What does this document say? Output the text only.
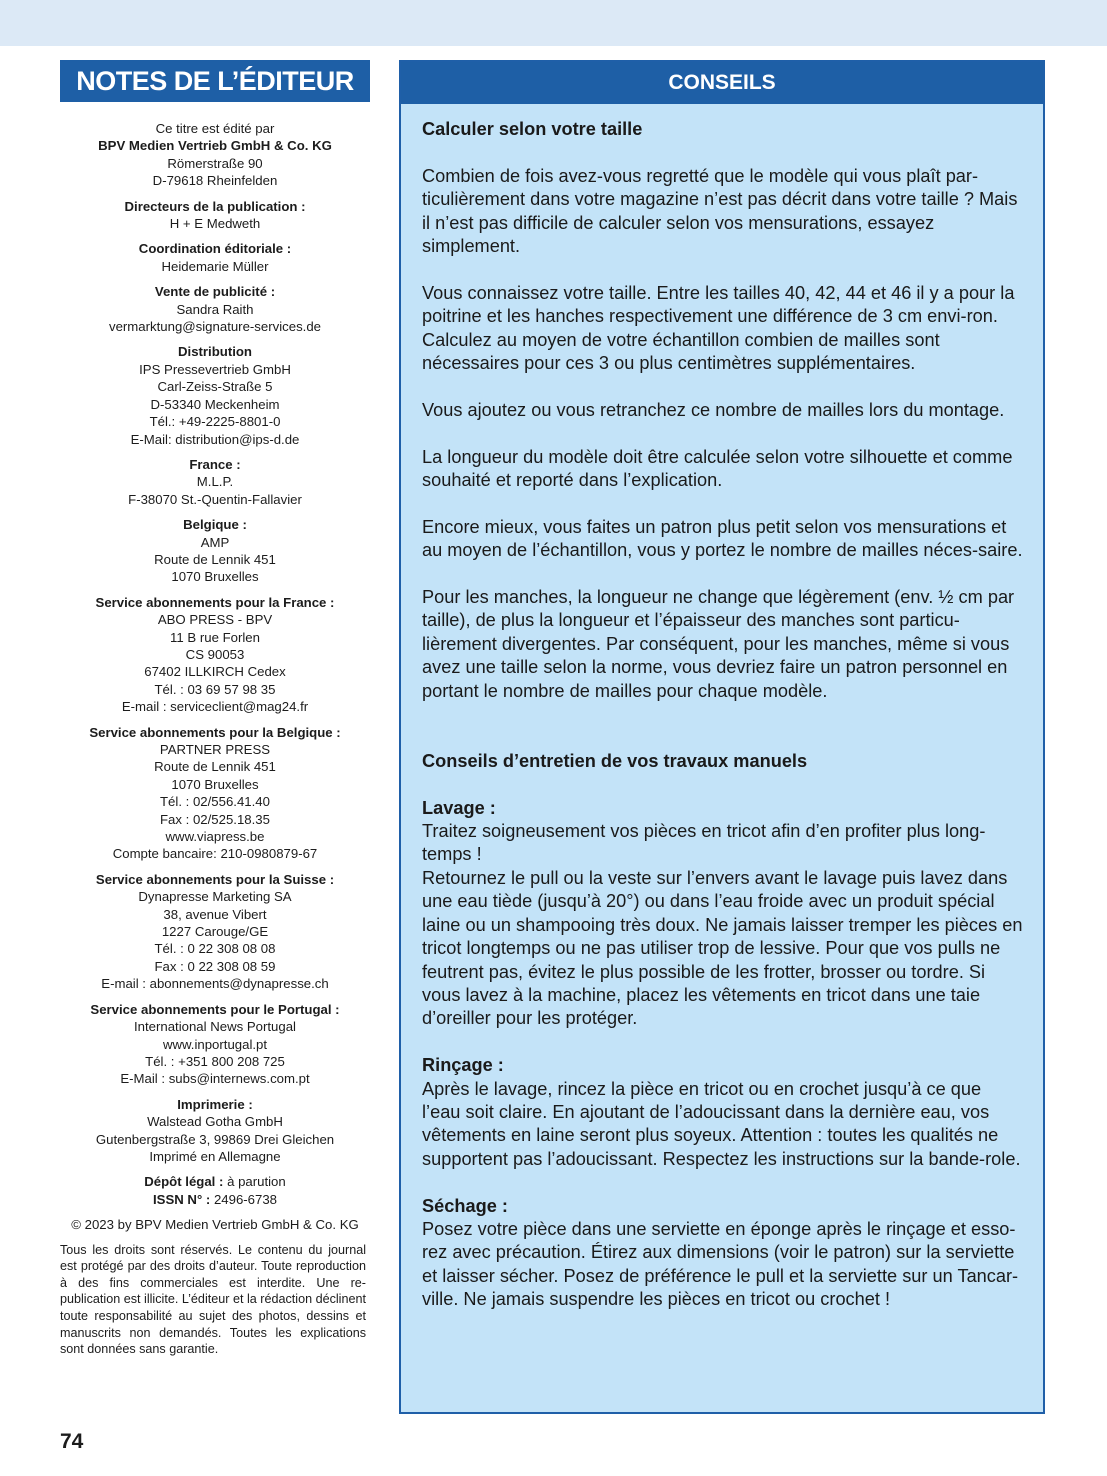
NOTES DE L’ÉDITEUR

Ce titre est édité par
BPV Medien Vertrieb GmbH & Co. KG
Römerstraße 90
D-79618 Rheinfelden

Directeurs de la publication :
H + E Medweth

Coordination éditoriale :
Heidemarie Müller

Vente de publicité :
Sandra Raith
vermarktung@signature-services.de

Distribution
IPS Pressevertrieb GmbH
Carl-Zeiss-Straße 5
D-53340 Meckenheim
Tél.: +49-2225-8801-0
E-Mail: distribution@ips-d.de

France :
M.L.P.
F-38070 St.-Quentin-Fallavier

Belgique :
AMP
Route de Lennik 451
1070 Bruxelles

Service abonnements pour la France :
ABO PRESS - BPV
11 B rue Forlen
CS 90053
67402 ILLKIRCH Cedex
Tél. : 03 69 57 98 35
E-mail : serviceclient@mag24.fr

Service abonnements pour la Belgique :
PARTNER PRESS
Route de Lennik 451
1070 Bruxelles
Tél. : 02/556.41.40
Fax : 02/525.18.35
www.viapress.be
Compte bancaire: 210-0980879-67

Service abonnements pour la Suisse :
Dynapresse Marketing SA
38, avenue Vibert
1227 Carouge/GE
Tél. : 0 22 308 08 08
Fax : 0 22 308 08 59
E-mail : abonnements@dynapresse.ch

Service abonnements pour le Portugal :
International News Portugal
www.inportugal.pt
Tél. : +351 800 208 725
E-Mail : subs@internews.com.pt

Imprimerie :
Walstead Gotha GmbH
Gutenbergstraße 3, 99869 Drei Gleichen
Imprimé en Allemagne

Dépôt légal : à parution
ISSN N° : 2496-6738

© 2023 by BPV Medien Vertrieb GmbH & Co. KG

Tous les droits sont réservés. Le contenu du journal est protégé par des droits d’auteur. Toute reproduction à des fins commerciales est interdite. Une re-publication est illicite. L’éditeur et la rédaction déclinent toute responsabilité au sujet des photos, dessins et manuscrits non demandés. Toutes les explications sont données sans garantie.
CONSEILS

Calculer selon votre taille

Combien de fois avez-vous regretté que le modèle qui vous plaît par-ticulièrement dans votre magazine n’est pas décrit dans votre taille ? Mais il n’est pas difficile de calculer selon vos mensurations, essayez simplement.

Vous connaissez votre taille. Entre les tailles 40, 42, 44 et 46 il y a pour la poitrine et les hanches respectivement une différence de 3 cm envi-ron. Calculez au moyen de votre échantillon combien de mailles sont nécessaires pour ces 3 ou plus centimètres supplémentaires.

Vous ajoutez ou vous retranchez ce nombre de mailles lors du montage.

La longueur du modèle doit être calculée selon votre silhouette et comme souhaité et reporté dans l’explication.

Encore mieux, vous faites un patron plus petit selon vos mensurations et au moyen de l’échantillon, vous y portez le nombre de mailles néces-saire.

Pour les manches, la longueur ne change que légèrement (env. ½ cm par taille), de plus la longueur et l’épaisseur des manches sont particu-lièrement divergentes. Par conséquent, pour les manches, même si vous avez une taille selon la norme, vous devriez faire un patron personnel en portant le nombre de mailles pour chaque modèle.

Conseils d’entretien de vos travaux manuels

Lavage :

Traitez soigneusement vos pièces en tricot afin d’en profiter plus long-temps !

Retournez le pull ou la veste sur l’envers avant le lavage puis lavez dans une eau tiède (jusqu’à 20°) ou dans l’eau froide avec un produit spécial laine ou un shampooing très doux. Ne jamais laisser tremper les pièces en tricot longtemps ou ne pas utiliser trop de lessive. Pour que vos pulls ne feutrent pas, évitez le plus possible de les frotter, brosser ou tordre. Si vous lavez à la machine, placez les vêtements en tricot dans une taie d’oreiller pour les protéger.

Rinçage :

Après le lavage, rincez la pièce en tricot ou en crochet jusqu’à ce que l’eau soit claire. En ajoutant de l’adoucissant dans la dernière eau, vos vêtements en laine seront plus soyeux. Attention : toutes les qualités ne supportent pas l’adoucissant. Respectez les instructions sur la bande-role.

Séchage :

Posez votre pièce dans une serviette en éponge après le rinçage et esso-rez avec précaution. Étirez aux dimensions (voir le patron) sur la serviette et laisser sécher. Posez de préférence le pull et la serviette sur un Tancar-ville. Ne jamais suspendre les pièces en tricot ou crochet !

74
